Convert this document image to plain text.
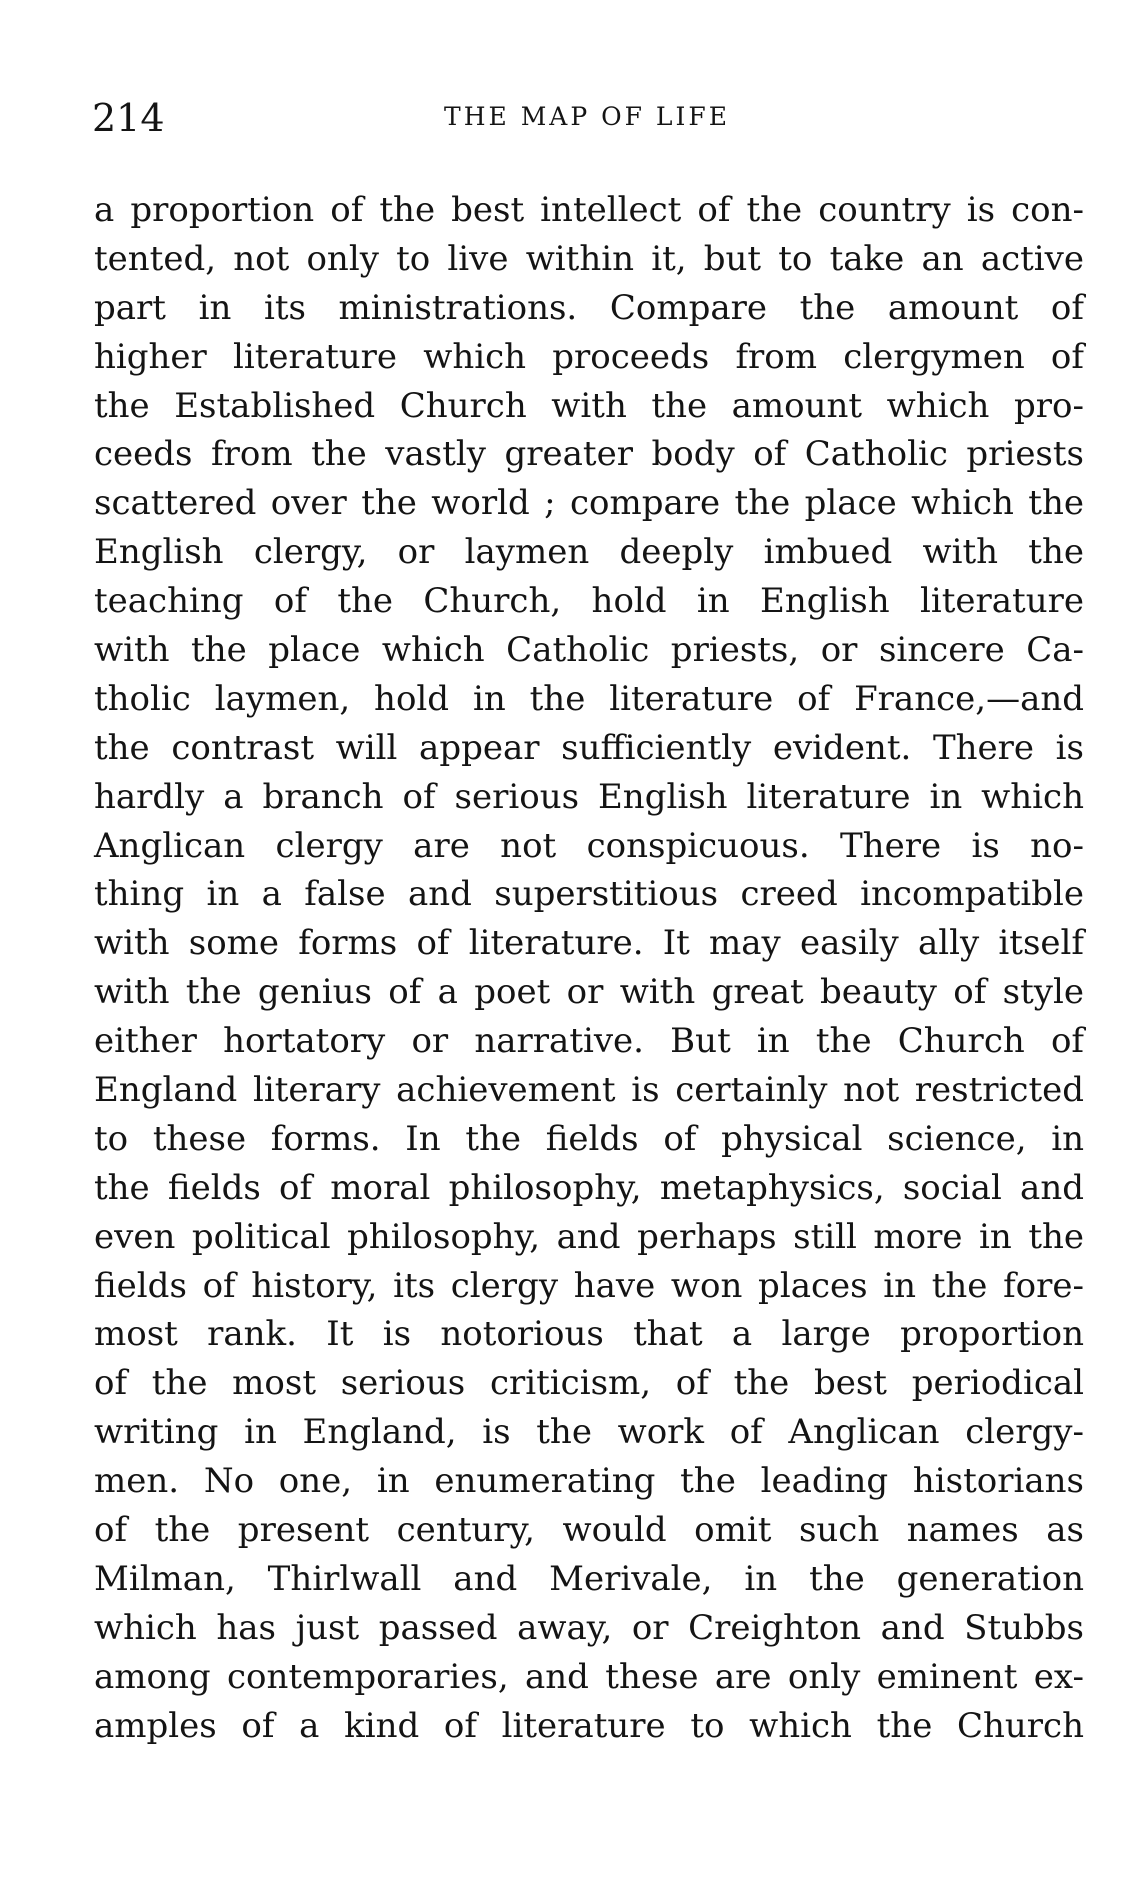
214	THE MAP OF LIFE
a proportion of the best intellect of the country is con-
tented, not only to live within it, but to take an active
part in its ministrations. Compare the amount of
higher literature which proceeds from clergymen of
the Established Church with the amount which pro-
ceeds from the vastly greater body of Catholic priests
scattered over the world ; compare the place which the
English clergy, or laymen deeply imbued with the
teaching of the Church, hold in English literature
with the place which Catholic priests, or sincere Ca-
tholic laymen, hold in the literature of France,—and
the contrast will appear sufficiently evident. There is
hardly a branch of serious English literature in which
Anglican clergy are not conspicuous. There is no-
thing in a false and superstitious creed incompatible
with some forms of literature. It may easily ally itself
with the genius of a poet or with great beauty of style
either hortatory or narrative. But in the Church of
England literary achievement is certainly not restricted
to these forms. In the fields of physical science, in
the fields of moral philosophy, metaphysics, social and
even political philosophy, and perhaps still more in the
fields of history, its clergy have won places in the fore-
most rank. It is notorious that a large proportion
of the most serious criticism, of the best periodical
writing in England, is the work of Anglican clergy-
men. No one, in enumerating the leading historians
of the present century, would omit such names as
Milman, Thirlwall and Merivale, in the generation
which has just passed away, or Creighton and Stubbs
among contemporaries, and these are only eminent ex-
amples of a kind of literature to which the Church
